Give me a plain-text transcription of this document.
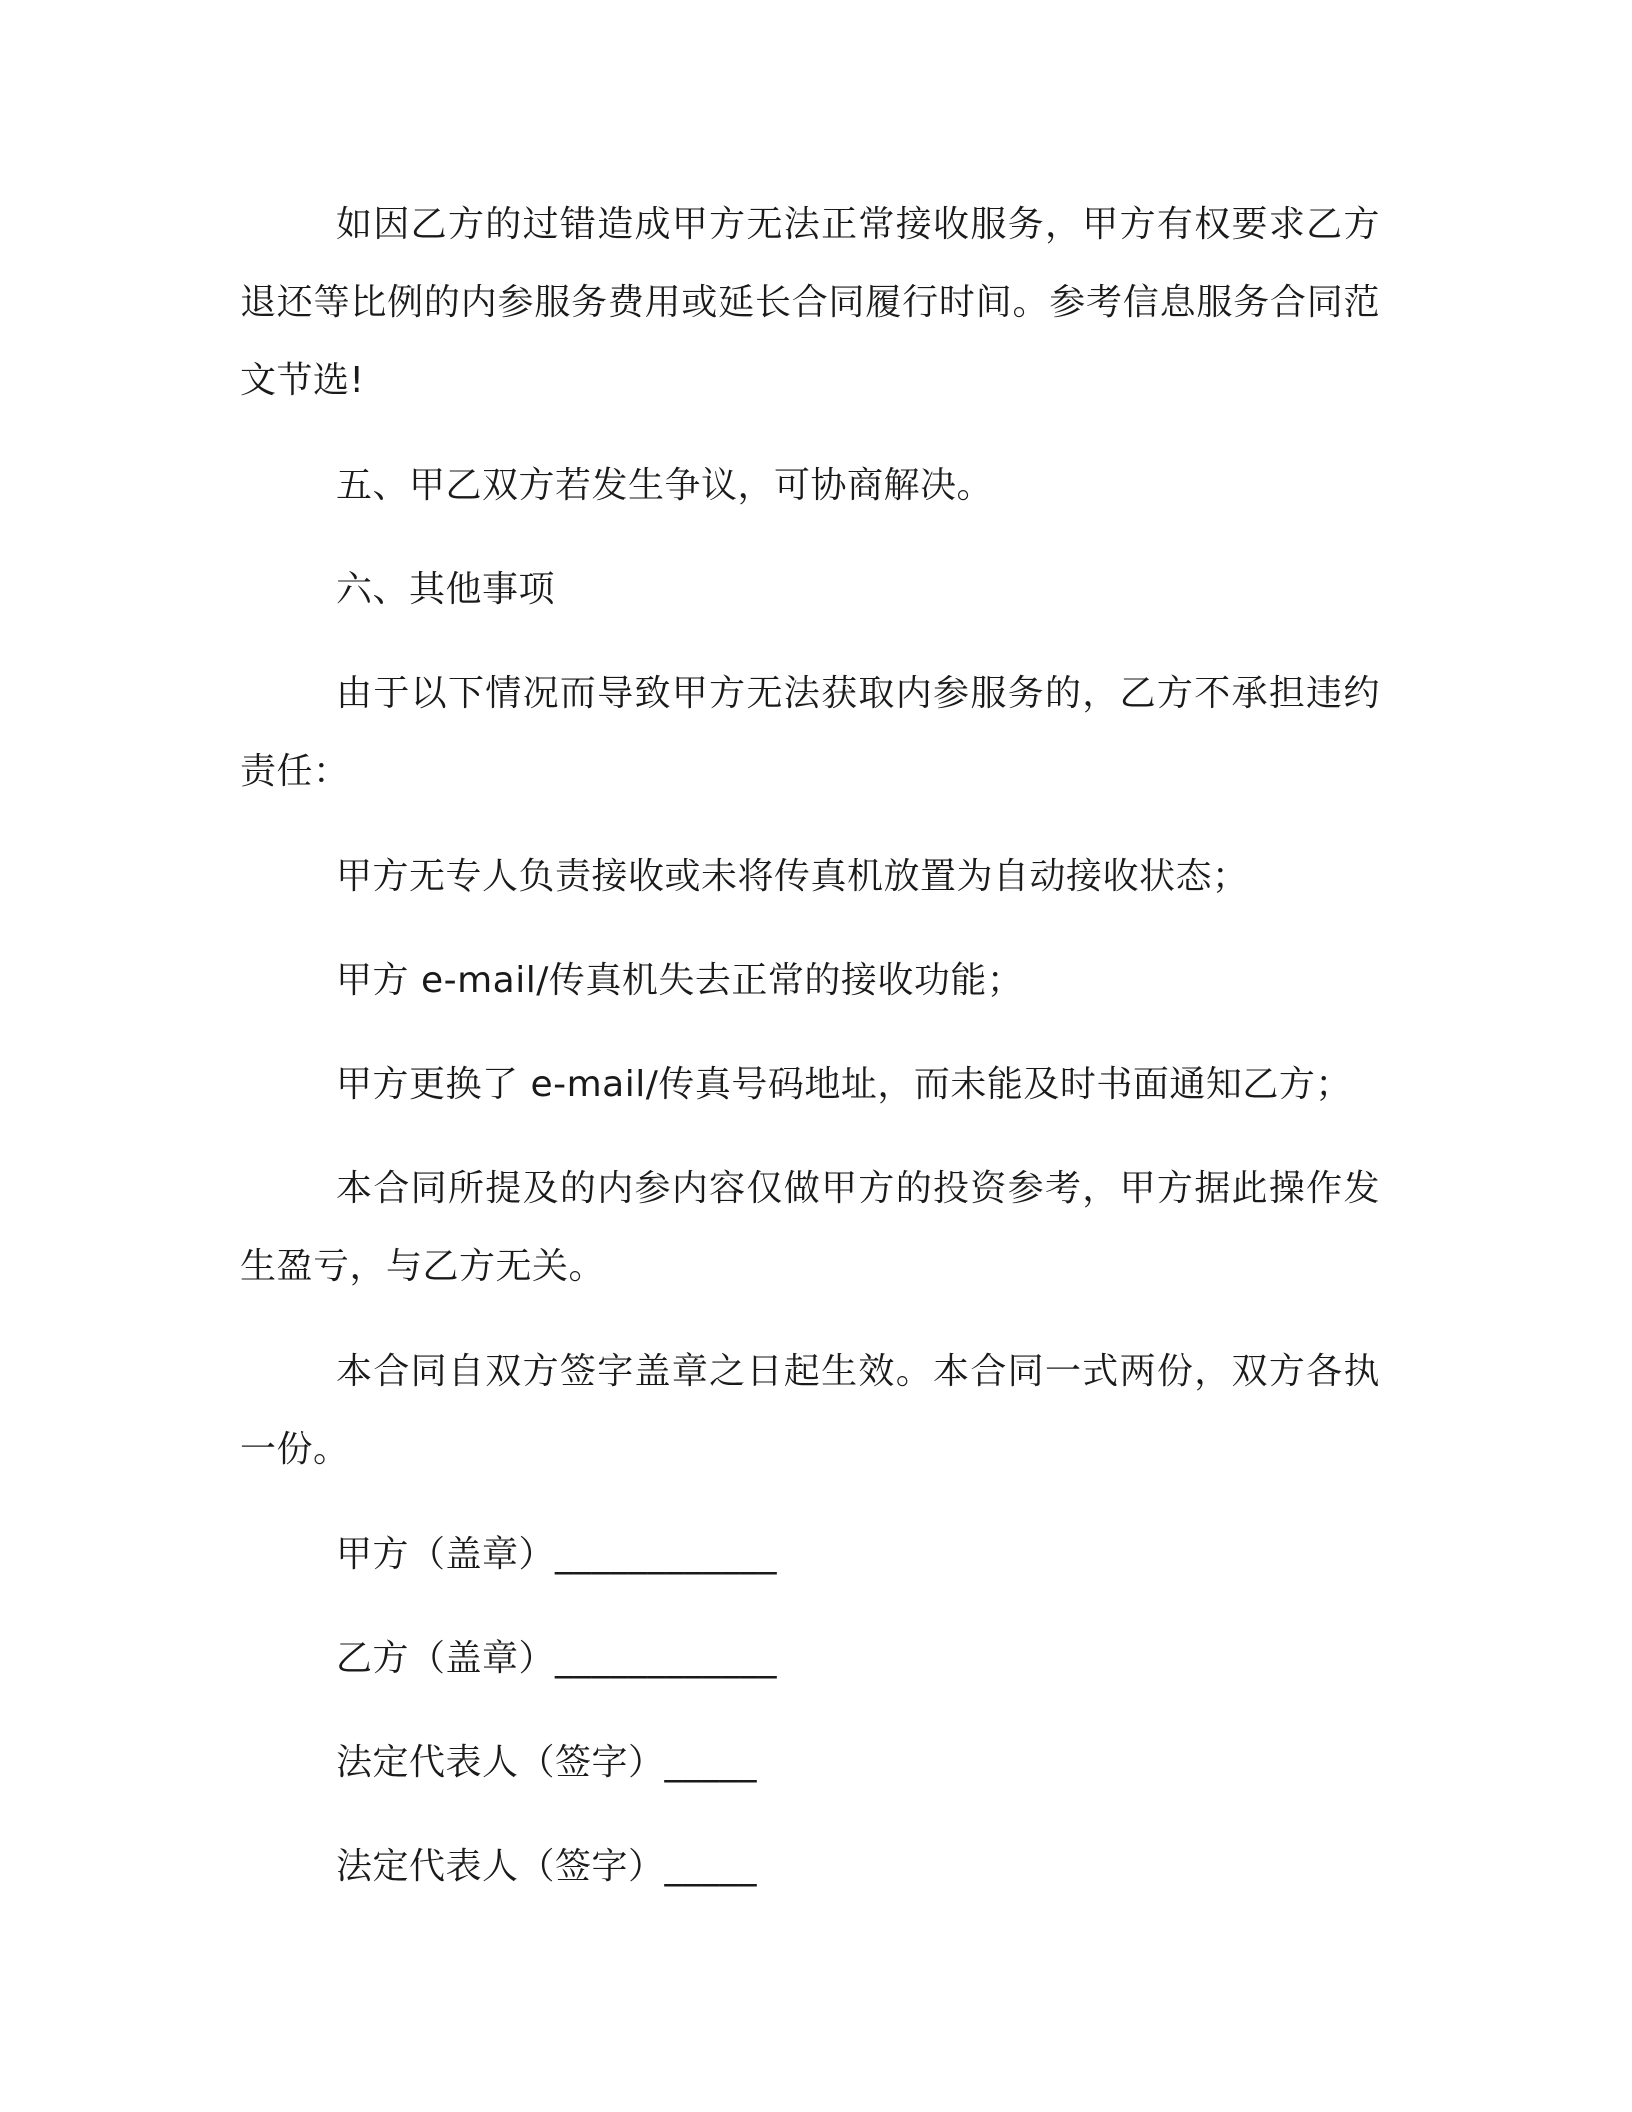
如因乙方的过错造成甲方无法正常接收服务，甲方有权要求乙方退还等比例的内参服务费用或延长合同履行时间。参考信息服务合同范文节选!

五、甲乙双方若发生争议，可协商解决。

六、其他事项

由于以下情况而导致甲方无法获取内参服务的，乙方不承担违约责任：

甲方无专人负责接收或未将传真机放置为自动接收状态；

甲方 e-mail/传真机失去正常的接收功能；

甲方更换了 e-mail/传真号码地址，而未能及时书面通知乙方；

本合同所提及的内参内容仅做甲方的投资参考，甲方据此操作发生盈亏，与乙方无关。

本合同自双方签字盖章之日起生效。本合同一式两份，双方各执一份。

甲方（盖章）____________

乙方（盖章）____________

法定代表人（签字）_____

法定代表人（签字）_____
